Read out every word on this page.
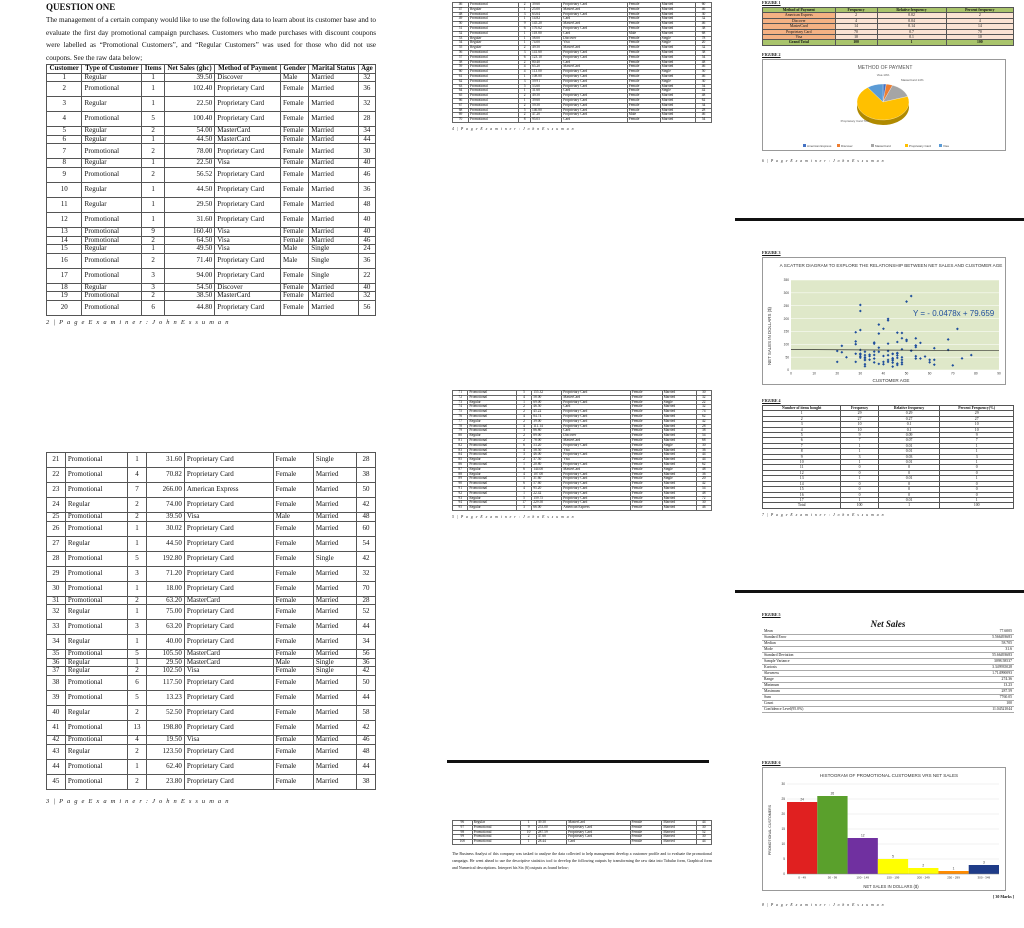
QUESTION ONE

The management of a certain company would like to use the following data to learn about its customer base and to evaluate the first day promotional campaign purchases. Customers who made purchases with discount coupons were labelled as “Promotional Customers”, and “Regular Customers” was used for those who did not use coupons. See the raw data below;

Customer	Type of Customer	Items	Net Sales (ghc)	Method of Payment	Gender	Marital Status	Age
1	Regular	1	39.50	Discover	Male	Married	32
2	Promotional	1	102.40	Proprietary Card	Female	Married	36
3	Regular	1	22.50	Proprietary Card	Female	Married	32
4	Promotional	5	100.40	Proprietary Card	Female	Married	28
5	Regular	2	54.00	MasterCard	Female	Married	34
6	Regular	1	44.50	MasterCard	Female	Married	44
7	Promotional	2	78.00	Proprietary Card	Female	Married	30
8	Regular	1	22.50	Visa	Female	Married	40
9	Promotional	2	56.52	Proprietary Card	Female	Married	46
10	Regular	1	44.50	Proprietary Card	Female	Married	36
11	Regular	1	29.50	Proprietary Card	Female	Married	48
12	Promotional	1	31.60	Proprietary Card	Female	Married	40
13	Promotional	9	160.40	Visa	Female	Married	40
14	Promotional	2	64.50	Visa	Female	Married	46
15	Regular	1	49.50	Visa	Male	Single	24
16	Promotional	2	71.40	Proprietary Card	Male	Single	36
17	Promotional	3	94.00	Proprietary Card	Female	Single	22
18	Regular	3	54.50	Discover	Female	Married	40
19	Promotional	2	38.50	MasterCard	Female	Married	32
20	Promotional	6	44.80	Proprietary Card	Female	Married	56
2 | P a g e E x a m i n e r : J o h n E s s u m a n
21	Promotional	1	31.60	Proprietary Card	Female	Single	28
22	Promotional	4	70.82	Proprietary Card	Female	Married	38
23	Promotional	7	266.00	American Express	Female	Married	50
24	Regular	2	74.00	Proprietary Card	Female	Married	42
25	Promotional	2	39.50	Visa	Male	Married	48
26	Promotional	1	30.02	Proprietary Card	Female	Married	60
27	Regular	1	44.50	Proprietary Card	Female	Married	54
28	Promotional	5	192.80	Proprietary Card	Female	Single	42
29	Promotional	3	71.20	Proprietary Card	Female	Married	32
30	Promotional	1	18.00	Proprietary Card	Female	Married	70
31	Promotional	2	63.20	MasterCard	Female	Married	28
32	Regular	1	75.00	Proprietary Card	Female	Married	52
33	Promotional	3	63.20	Proprietary Card	Female	Married	44
34	Regular	1	40.00	Proprietary Card	Female	Married	34
35	Promotional	5	105.50	MasterCard	Female	Married	56
36	Regular	1	29.50	MasterCard	Male	Single	36
37	Regular	2	102.50	Visa	Female	Single	42
38	Promotional	6	117.50	Proprietary Card	Female	Married	50
39	Promotional	5	13.23	Proprietary Card	Female	Married	44
40	Regular	2	52.50	Proprietary Card	Female	Married	58
41	Promotional	13	198.80	Proprietary Card	Female	Married	42
42	Promotional	4	19.50	Visa	Female	Married	46
43	Regular	2	123.50	Proprietary Card	Female	Married	48
44	Promotional	1	62.40	Proprietary Card	Female	Married	44
45	Promotional	2	23.80	Proprietary Card	Female	Married	38
3 | P a g e E x a m i n e r : J o h n E s s u m a n
46	Promotional	2	39.60	Proprietary Card	Female	Married	60
47	Regular	1	25.00	MasterCard	Female	Married	46
48	Promotional	3	63.64	Proprietary Card	Female	Married	30
49	Promotional	1	14.82	Card	Female	Married	32
50	Promotional	9	145.20	MasterCard	Female	Married	46
51	Promotional	6	176.62	Proprietary Card	Female	Married	38
52	Promotional	1	118.80	Card	Male	Married	68
53	Regular	1	58.00	Discover	Female	Single	78
54	Regular	1	74.00	Visa	Female	Single	20
55	Regular	2	49.50	MasterCard	Female	Married	32
56	Promotional	3	141.60	Proprietary Card	Female	Married	38
57	Promotional	6	123.10	Proprietary Card	Female	Married	54
58	Promotional	2	80.40	Card	Female	Married	48
59	Promotional	4	65.20	MasterCard	Female	Married	46
60	Promotional	4	113.00	Proprietary Card	Female	Single	50
61	Promotional	1	108.80	Proprietary Card	Female	Married	46
62	Promotional	3	59.91	Proprietary Card	Female	Single	30
63	Promotional	5	53.60	Proprietary Card	Female	Married	54
64	Promotional	1	31.60	Card	Female	Single	42
65	Promotional	2	49.50	Proprietary Card	Female	Married	48
66	Promotional	1	39.60	Proprietary Card	Female	Married	62
67	Promotional	2	59.50	Proprietary Card	Female	Married	34
68	Promotional	5	146.80	Proprietary Card	Female	Married	28
69	Promotional	2	47.20	Proprietary Card	Male	Married	46
70	Promotional	8	95.05	Card	Female	Married	54
4 | P a g e E x a m i n e r : J o h n E s s u m a n
71	Promotional	5	155.32	Proprietary Card	Female	Married	30
72	Promotional	4	58.00	MasterCard	Female	Married	32
73	Regular	1	69.00	Proprietary Card	Female	Single	22
74	Promotional	2	46.50	Card	Female	Married	32
75	Promotional	2	45.22	Proprietary Card	Female	Married	74
76	Promotional	4	84.74	Proprietary Card	Female	Married	62
77	Regular	2	39.00	Proprietary Card	Female	Married	42
78	Promotional	4	111.14	Proprietary Card	Female	Married	28
79	Promotional	3	86.80	Card	Female	Married	38
80	Regular	2	89.00	Discover	Female	Married	54
81	Promotional	2	78.00	MasterCard	Female	Married	68
82	Promotional	6	53.20	Proprietary Card	Female	Single	30
83	Promotional	4	58.50	Visa	Female	Married	36
84	Promotional	3	46.00	Proprietary Card	Female	Married	44
85	Regular	2	37.50	Visa	Female	Married	44
86	Promotional	1	20.80	Proprietary Card	Female	Married	62
87	Regular	6	144.00	MasterCard	Female	Single	48
88	Regular	4	107.00	Proprietary Card	Female	Married	36
89	Promotional	1	31.60	Proprietary Card	Female	Single	20
90	Promotional	6	57.60	Proprietary Card	Female	Married	42
91	Promotional	4	95.20	Proprietary Card	Female	Married	54
92	Promotional	1	22.42	Proprietary Card	Female	Married	48
93	Regular	5	159.75	Proprietary Card	Female	Married	72
94	Promotional	17	229.50	Proprietary Card	Female	Married	30
95	Regular	3	66.00	American Express	Female	Married	46
5 | P a g e E x a m i n e r : J o h n E s s u m a n
96	Regular	1	39.50	MasterCard	Female	Married	44
97	Promotional	9	253.00	Proprietary Card	Female	Married	30
98	Promotional	10	287.59	Proprietary Card	Female	Married	52
99	Promotional	2	47.60	Proprietary Card	Female	Married	30
100	Promotional	1	28.44	Card	Female	Married	44

The Business Analyst of this company was tasked to analyse the data collected to help management develop a customer profile and to evaluate the promotional campaign. He went ahead to use the descriptive statistics tool to develop the following outputs by transforming the raw data into Tabular form, Graphical form and Numerical descriptions. Interpret his Six (6) outputs as found below;

FIGURE 1
Method of Payment	Frequency	Relative frequency	Percent frequency
American Express	2	0.02	2
Discover	4	0.04	4
MasterCard	14	0.14	14
Proprietary Card	70	0.7	70
Visa	10	0.1	10
Grand Total	100	1	100
FIGURE 2
METHOD OF PAYMENT
Visa 10%
MasterCard 14%
Proprietary Card 70%
American Express	Discover	MasterCard	Proprietary Card	Visa
6 | P a g e E x a m i n e r : J o h n E s s u m a n
FIGURE 3
A SCATTER DIAGRAM TO EXPLORE THE RELATIONSHIP BETWEEN NET SALES AND CUSTOMER AGE
0
50
100
150
200
250
300
350
0	10	20	30	40	50	60	70	80	90
Y = - 0.0478x + 79.659
CUSTOMER AGE
NET SALES IN DOLLARS ($)
FIGURE 4
Number of items bought	Frequency	Relative frequency	Percent Frequency(%)
1	29	0.29	29
2	27	0.27	27
3	10	0.1	10
4	10	0.1	10
5	9	0.09	9
6	7	0.07	7
7	1	0.01	1
8	1	0.01	1
9	3	0.03	3
10	1	0.01	1
11	0	0	0
12	0	0	0
13	1	0.01	1
14	0	0	0
15	0	0	0
16	0	0	0
17	1	0.01	1
Total	100	1	100
7 | P a g e E x a m i n e r : J o h n E s s u m a n
FIGURE 5
Net Sales
Mean	77.6005
Standard Error	5.566493683
Median	58.705
Mode	31.6
Standard Deviation	55.66493683
Sample Variance	3098.58537
Kurtosis	3.349935028
Skewness	1.714990093
Range	274.36
Minimum	13.23
Maximum	287.59
Sum	7760.05
Count	100
Confidence Level(95.0%)	11.04521044
FIGURE 6
HISTOGRAM OF PROMOTIONAL CUSTOMERS VRS NET SALES
0
5
10
15
20
25
30
24
0 - 49
26
50 - 99
12
100 - 149
5
150 - 199
2
200 - 249
1
250 - 299
3
300 - 349
NET SALES IN DOLLARS ($)
PROMOTIONAL CUSTOMERS
[ 30 Marks ]
8 | P a g e E x a m i n e r : J o h n E s s u m a n
